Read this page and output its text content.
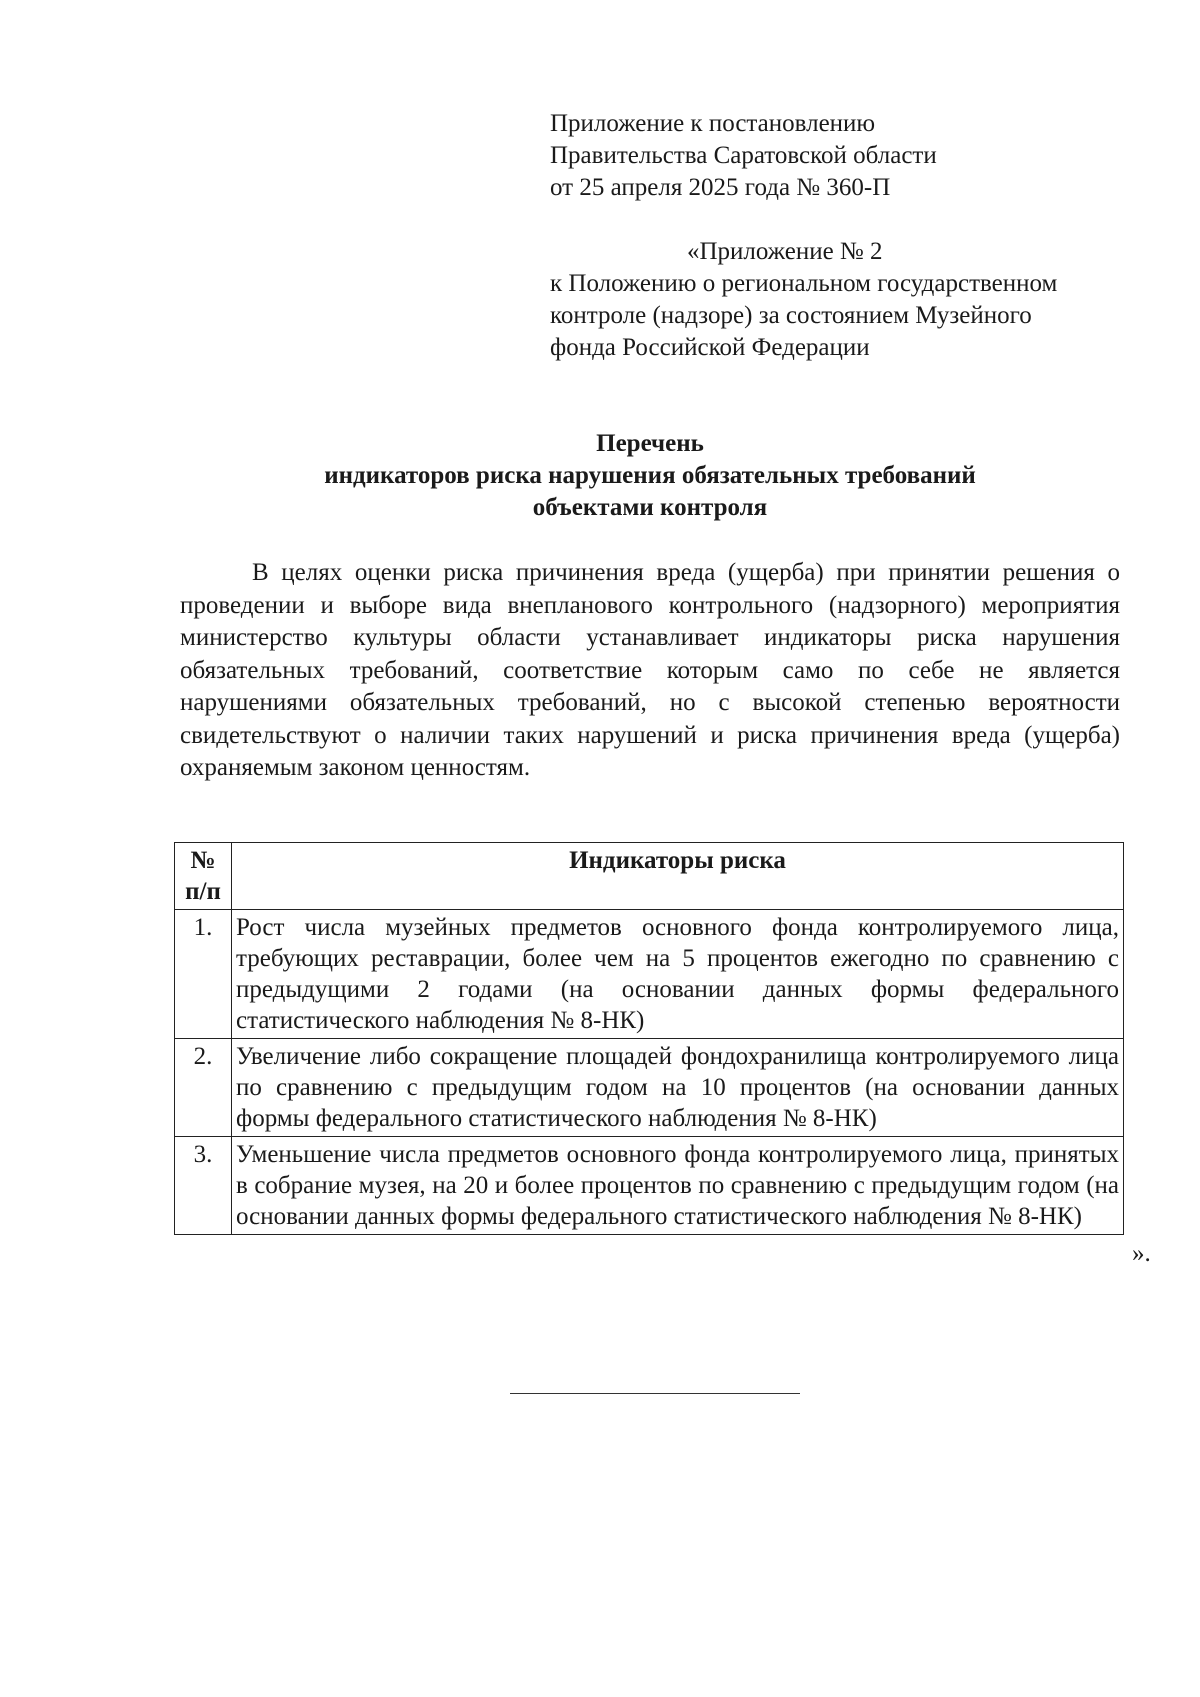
Приложение к постановлению
Правительства Саратовской области
от 25 апреля 2025 года № 360-П
«Приложение № 2
к Положению о региональном государственном
контроле (надзоре) за состоянием Музейного
фонда Российской Федерации
Перечень
индикаторов риска нарушения обязательных требований
объектами контроля
В целях оценки риска причинения вреда (ущерба) при принятии решения о проведении и выборе вида внепланового контрольного (надзорного) мероприятия министерство культуры области устанавливает индикаторы риска нарушения обязательных требований, соответствие которым само по себе не является нарушениями обязательных требований, но с высокой степенью вероятности свидетельствуют о наличии таких нарушений и риска причинения вреда (ущерба) охраняемым законом ценностям.
№ п/п	Индикаторы риска
1.	Рост числа музейных предметов основного фонда контролируемого лица, требующих реставрации, более чем на 5 процентов ежегодно по сравнению с предыдущими 2 годами (на основании данных формы федерального статистического наблюдения № 8-НК)
2.	Увеличение либо сокращение площадей фондохранилища контролируемого лица по сравнению с предыдущим годом на 10 процентов (на основании данных формы федерального статистического наблюдения № 8-НК)
3.	Уменьшение числа предметов основного фонда контролируемого лица, принятых в собрание музея, на 20 и более процентов по сравнению с предыдущим годом (на основании данных формы федерального статистического наблюдения № 8-НК)
».
